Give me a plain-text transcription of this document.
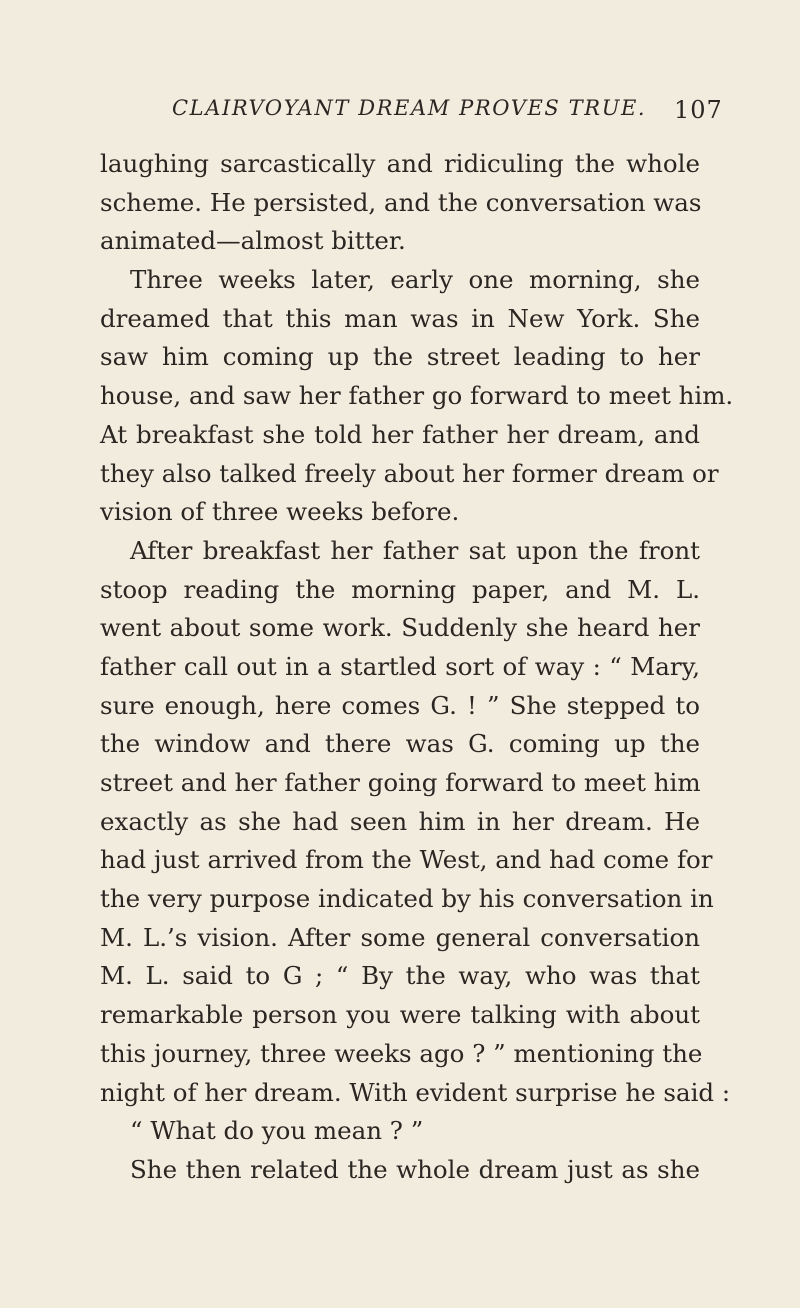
CLAIRVOYANT DREAM PROVES TRUE. 107
laughing sarcastically and ridiculing the whole
scheme. He persisted, and the conversation was
animated—almost bitter.
Three weeks later, early one morning, she
dreamed that this man was in New York. She
saw him coming up the street leading to her
house, and saw her father go forward to meet him.
At breakfast she told her father her dream, and
they also talked freely about her former dream or
vision of three weeks before.
After breakfast her father sat upon the front
stoop reading the morning paper, and M. L.
went about some work. Suddenly she heard her
father call out in a startled sort of way : “ Mary,
sure enough, here comes G. ! ” She stepped to
the window and there was G. coming up the
street and her father going forward to meet him
exactly as she had seen him in her dream. He
had just arrived from the West, and had come for
the very purpose indicated by his conversation in
M. L.’s vision. After some general conversation
M. L. said to G ; “ By the way, who was that
remarkable person you were talking with about
this journey, three weeks ago ? ” mentioning the
night of her dream. With evident surprise he said :
“ What do you mean ? ”
She then related the whole dream just as she
